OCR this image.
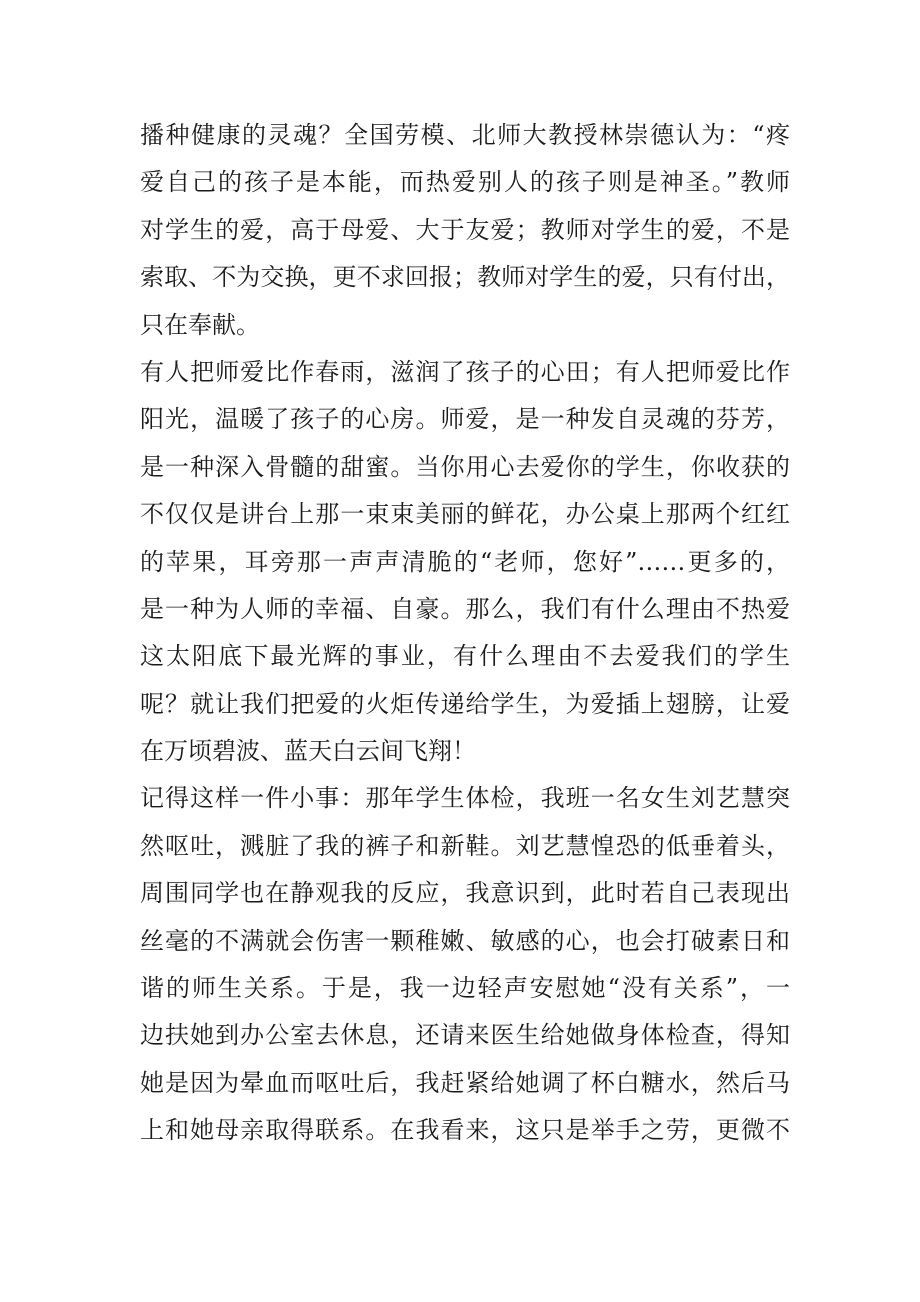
播种健康的灵魂？全国劳模、北师大教授林崇德认为：“疼
爱自己的孩子是本能，而热爱别人的孩子则是神圣。”教师
对学生的爱，高于母爱、大于友爱；教师对学生的爱，不是
索取、不为交换，更不求回报；教师对学生的爱，只有付出，
只在奉献。
有人把师爱比作春雨，滋润了孩子的心田；有人把师爱比作
阳光，温暖了孩子的心房。师爱，是一种发自灵魂的芬芳，
是一种深入骨髓的甜蜜。当你用心去爱你的学生，你收获的
不仅仅是讲台上那一束束美丽的鲜花，办公桌上那两个红红
的苹果，耳旁那一声声清脆的“老师，您好”……更多的，
是一种为人师的幸福、自豪。那么，我们有什么理由不热爱
这太阳底下最光辉的事业，有什么理由不去爱我们的学生
呢？就让我们把爱的火炬传递给学生，为爱插上翅膀，让爱
在万顷碧波、蓝天白云间飞翔！
记得这样一件小事：那年学生体检，我班一名女生刘艺慧突
然呕吐，溅脏了我的裤子和新鞋。刘艺慧惶恐的低垂着头，
周围同学也在静观我的反应，我意识到，此时若自己表现出
丝毫的不满就会伤害一颗稚嫩、敏感的心，也会打破素日和
谐的师生关系。于是，我一边轻声安慰她“没有关系”，一
边扶她到办公室去休息，还请来医生给她做身体检查，得知
她是因为晕血而呕吐后，我赶紧给她调了杯白糖水，然后马
上和她母亲取得联系。在我看来，这只是举手之劳，更微不
